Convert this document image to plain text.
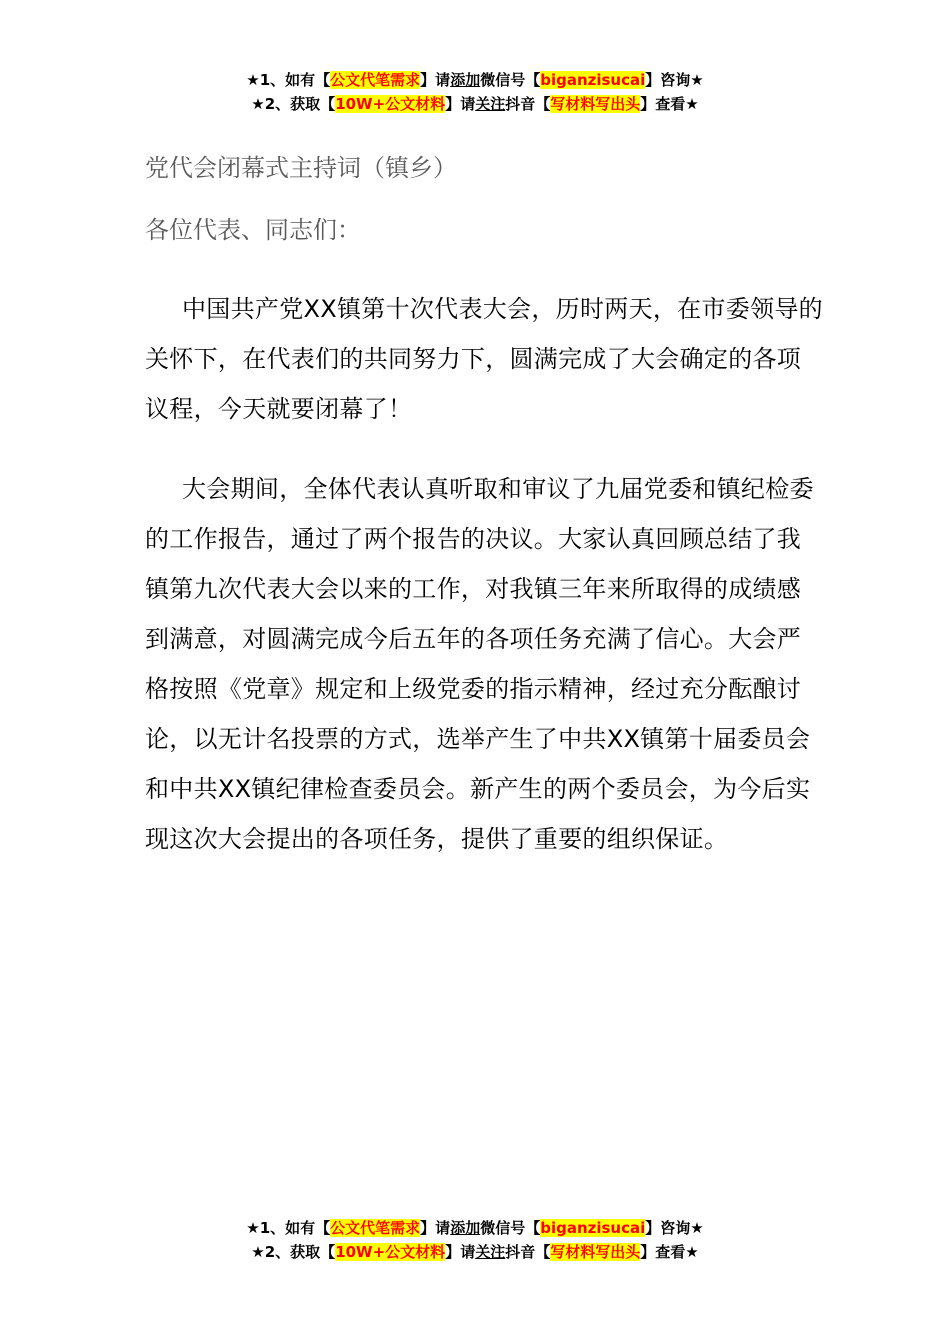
★1、如有【公文代笔需求】请添加微信号【biganzisucai】咨询★
★2、获取【10W+公文材料】请关注抖音【写材料写出头】查看★

党代会闭幕式主持词（镇乡）

各位代表、同志们：

中国共产党XX镇第十次代表大会，历时两天，在市委领导的关怀下，在代表们的共同努力下，圆满完成了大会确定的各项议程，今天就要闭幕了！

大会期间，全体代表认真听取和审议了九届党委和镇纪检委的工作报告，通过了两个报告的决议。大家认真回顾总结了我镇第九次代表大会以来的工作，对我镇三年来所取得的成绩感到满意，对圆满完成今后五年的各项任务充满了信心。大会严格按照《党章》规定和上级党委的指示精神，经过充分酝酿讨论，以无计名投票的方式，选举产生了中共XX镇第十届委员会和中共XX镇纪律检查委员会。新产生的两个委员会，为今后实现这次大会提出的各项任务，提供了重要的组织保证。

★1、如有【公文代笔需求】请添加微信号【biganzisucai】咨询★
★2、获取【10W+公文材料】请关注抖音【写材料写出头】查看★
